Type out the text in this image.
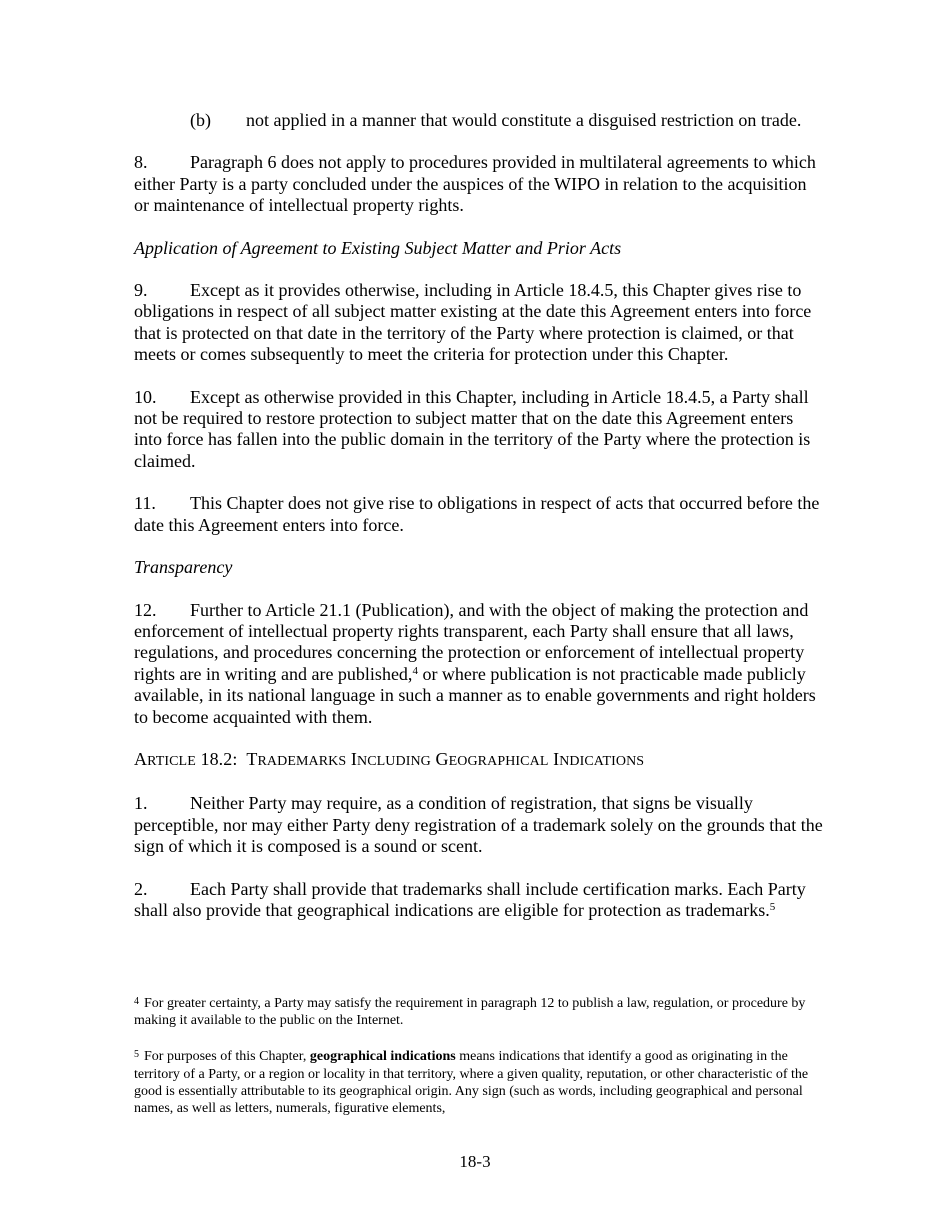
(b) not applied in a manner that would constitute a disguised restriction on trade.

8. Paragraph 6 does not apply to procedures provided in multilateral agreements to which either Party is a party concluded under the auspices of the WIPO in relation to the acquisition or maintenance of intellectual property rights.

Application of Agreement to Existing Subject Matter and Prior Acts

9. Except as it provides otherwise, including in Article 18.4.5, this Chapter gives rise to obligations in respect of all subject matter existing at the date this Agreement enters into force that is protected on that date in the territory of the Party where protection is claimed, or that meets or comes subsequently to meet the criteria for protection under this Chapter.

10. Except as otherwise provided in this Chapter, including in Article 18.4.5, a Party shall not be required to restore protection to subject matter that on the date this Agreement enters into force has fallen into the public domain in the territory of the Party where the protection is claimed.

11. This Chapter does not give rise to obligations in respect of acts that occurred before the date this Agreement enters into force.

Transparency

12. Further to Article 21.1 (Publication), and with the object of making the protection and enforcement of intellectual property rights transparent, each Party shall ensure that all laws, regulations, and procedures concerning the protection or enforcement of intellectual property rights are in writing and are published,$^4$ or where publication is not practicable made publicly available, in its national language in such a manner as to enable governments and right holders to become acquainted with them.

ARTICLE 18.2:  TRADEMARKS INCLUDING GEOGRAPHICAL INDICATIONS

1. Neither Party may require, as a condition of registration, that signs be visually perceptible, nor may either Party deny registration of a trademark solely on the grounds that the sign of which it is composed is a sound or scent.

2. Each Party shall provide that trademarks shall include certification marks. Each Party shall also provide that geographical indications are eligible for protection as trademarks.$^5$

$^4$ For greater certainty, a Party may satisfy the requirement in paragraph 12 to publish a law, regulation, or procedure by making it available to the public on the Internet.

$^5$ For purposes of this Chapter, geographical indications means indications that identify a good as originating in the territory of a Party, or a region or locality in that territory, where a given quality, reputation, or other characteristic of the good is essentially attributable to its geographical origin. Any sign (such as words, including geographical and personal names, as well as letters, numerals, figurative elements,

18-3
